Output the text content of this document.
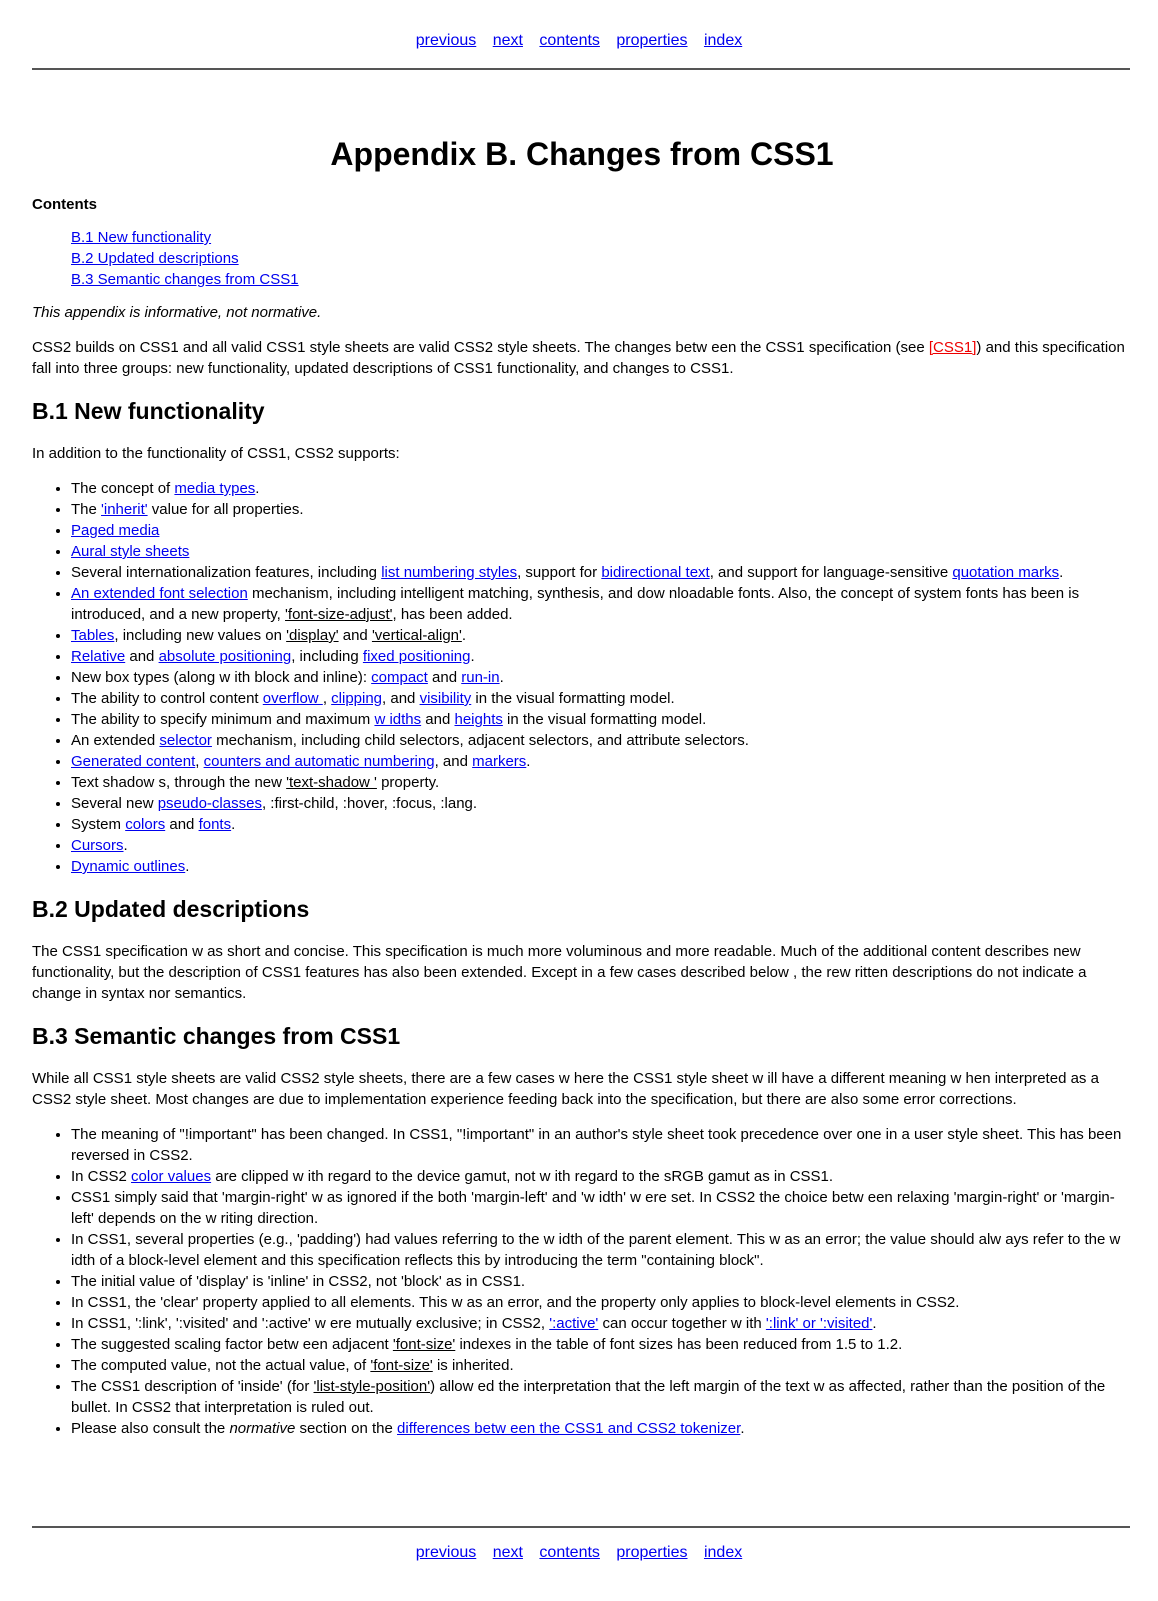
previous next contents properties index
Appendix B. Changes from CSS1
Contents
B.1 New functionality
B.2 Updated descriptions
B.3 Semantic changes from CSS1

This appendix is informative, not normative.

CSS2 builds on CSS1 and all valid CSS1 style sheets are valid CSS2 style sheets. The changes betw een the CSS1 specification (see [CSS1]) and this specification fall into three groups: new functionality, updated descriptions of CSS1 functionality, and changes to CSS1.

B.1 New functionality

In addition to the functionality of CSS1, CSS2 supports:

• The concept of media types.
• The 'inherit' value for all properties.
• Paged media
• Aural style sheets
• Several internationalization features, including list numbering styles, support for bidirectional text, and support for language-sensitive quotation marks.
• An extended font selection mechanism, including intelligent matching, synthesis, and dow nloadable fonts. Also, the concept of system fonts has been is introduced, and a new property, 'font-size-adjust', has been added.
• Tables, including new values on 'display' and 'vertical-align'.
• Relative and absolute positioning, including fixed positioning.
• New box types (along w ith block and inline): compact and run-in.
• The ability to control content overflow , clipping, and visibility in the visual formatting model.
• The ability to specify minimum and maximum w idths and heights in the visual formatting model.
• An extended selector mechanism, including child selectors, adjacent selectors, and attribute selectors.
• Generated content, counters and automatic numbering, and markers.
• Text shadow s, through the new 'text-shadow ' property.
• Several new pseudo-classes, :first-child, :hover, :focus, :lang.
• System colors and fonts.
• Cursors.
• Dynamic outlines.
B.2 Updated descriptions

The CSS1 specification w as short and concise. This specification is much more voluminous and more readable. Much of the additional content describes new functionality, but the description of CSS1 features has also been extended. Except in a few cases described below , the rew ritten descriptions do not indicate a change in syntax nor semantics.

B.3 Semantic changes from CSS1

While all CSS1 style sheets are valid CSS2 style sheets, there are a few cases w here the CSS1 style sheet w ill have a different meaning w hen interpreted as a CSS2 style sheet. Most changes are due to implementation experience feeding back into the specification, but there are also some error corrections.

• The meaning of "!important" has been changed. In CSS1, "!important" in an author's style sheet took precedence over one in a user style sheet. This has been reversed in CSS2.
• In CSS2 color values are clipped w ith regard to the device gamut, not w ith regard to the sRGB gamut as in CSS1.
• CSS1 simply said that 'margin-right' w as ignored if the both 'margin-left' and 'w idth' w ere set. In CSS2 the choice betw een relaxing 'margin-right' or 'margin-left' depends on the w riting direction.
• In CSS1, several properties (e.g., 'padding') had values referring to the w idth of the parent element. This w as an error; the value should alw ays refer to the w idth of a block-level element and this specification reflects this by introducing the term "containing block".
• The initial value of 'display' is 'inline' in CSS2, not 'block' as in CSS1.
• In CSS1, the 'clear' property applied to all elements. This w as an error, and the property only applies to block-level elements in CSS2.
• In CSS1, ':link', ':visited' and ':active' w ere mutually exclusive; in CSS2, ':active' can occur together w ith ':link' or ':visited'.
• The suggested scaling factor betw een adjacent 'font-size' indexes in the table of font sizes has been reduced from 1.5 to 1.2.
• The computed value, not the actual value, of 'font-size' is inherited.
• The CSS1 description of 'inside' (for 'list-style-position') allow ed the interpretation that the left margin of the text w as affected, rather than the position of the bullet. In CSS2 that interpretation is ruled out.
• Please also consult the normative section on the differences betw een the CSS1 and CSS2 tokenizer.
previous next contents properties index
